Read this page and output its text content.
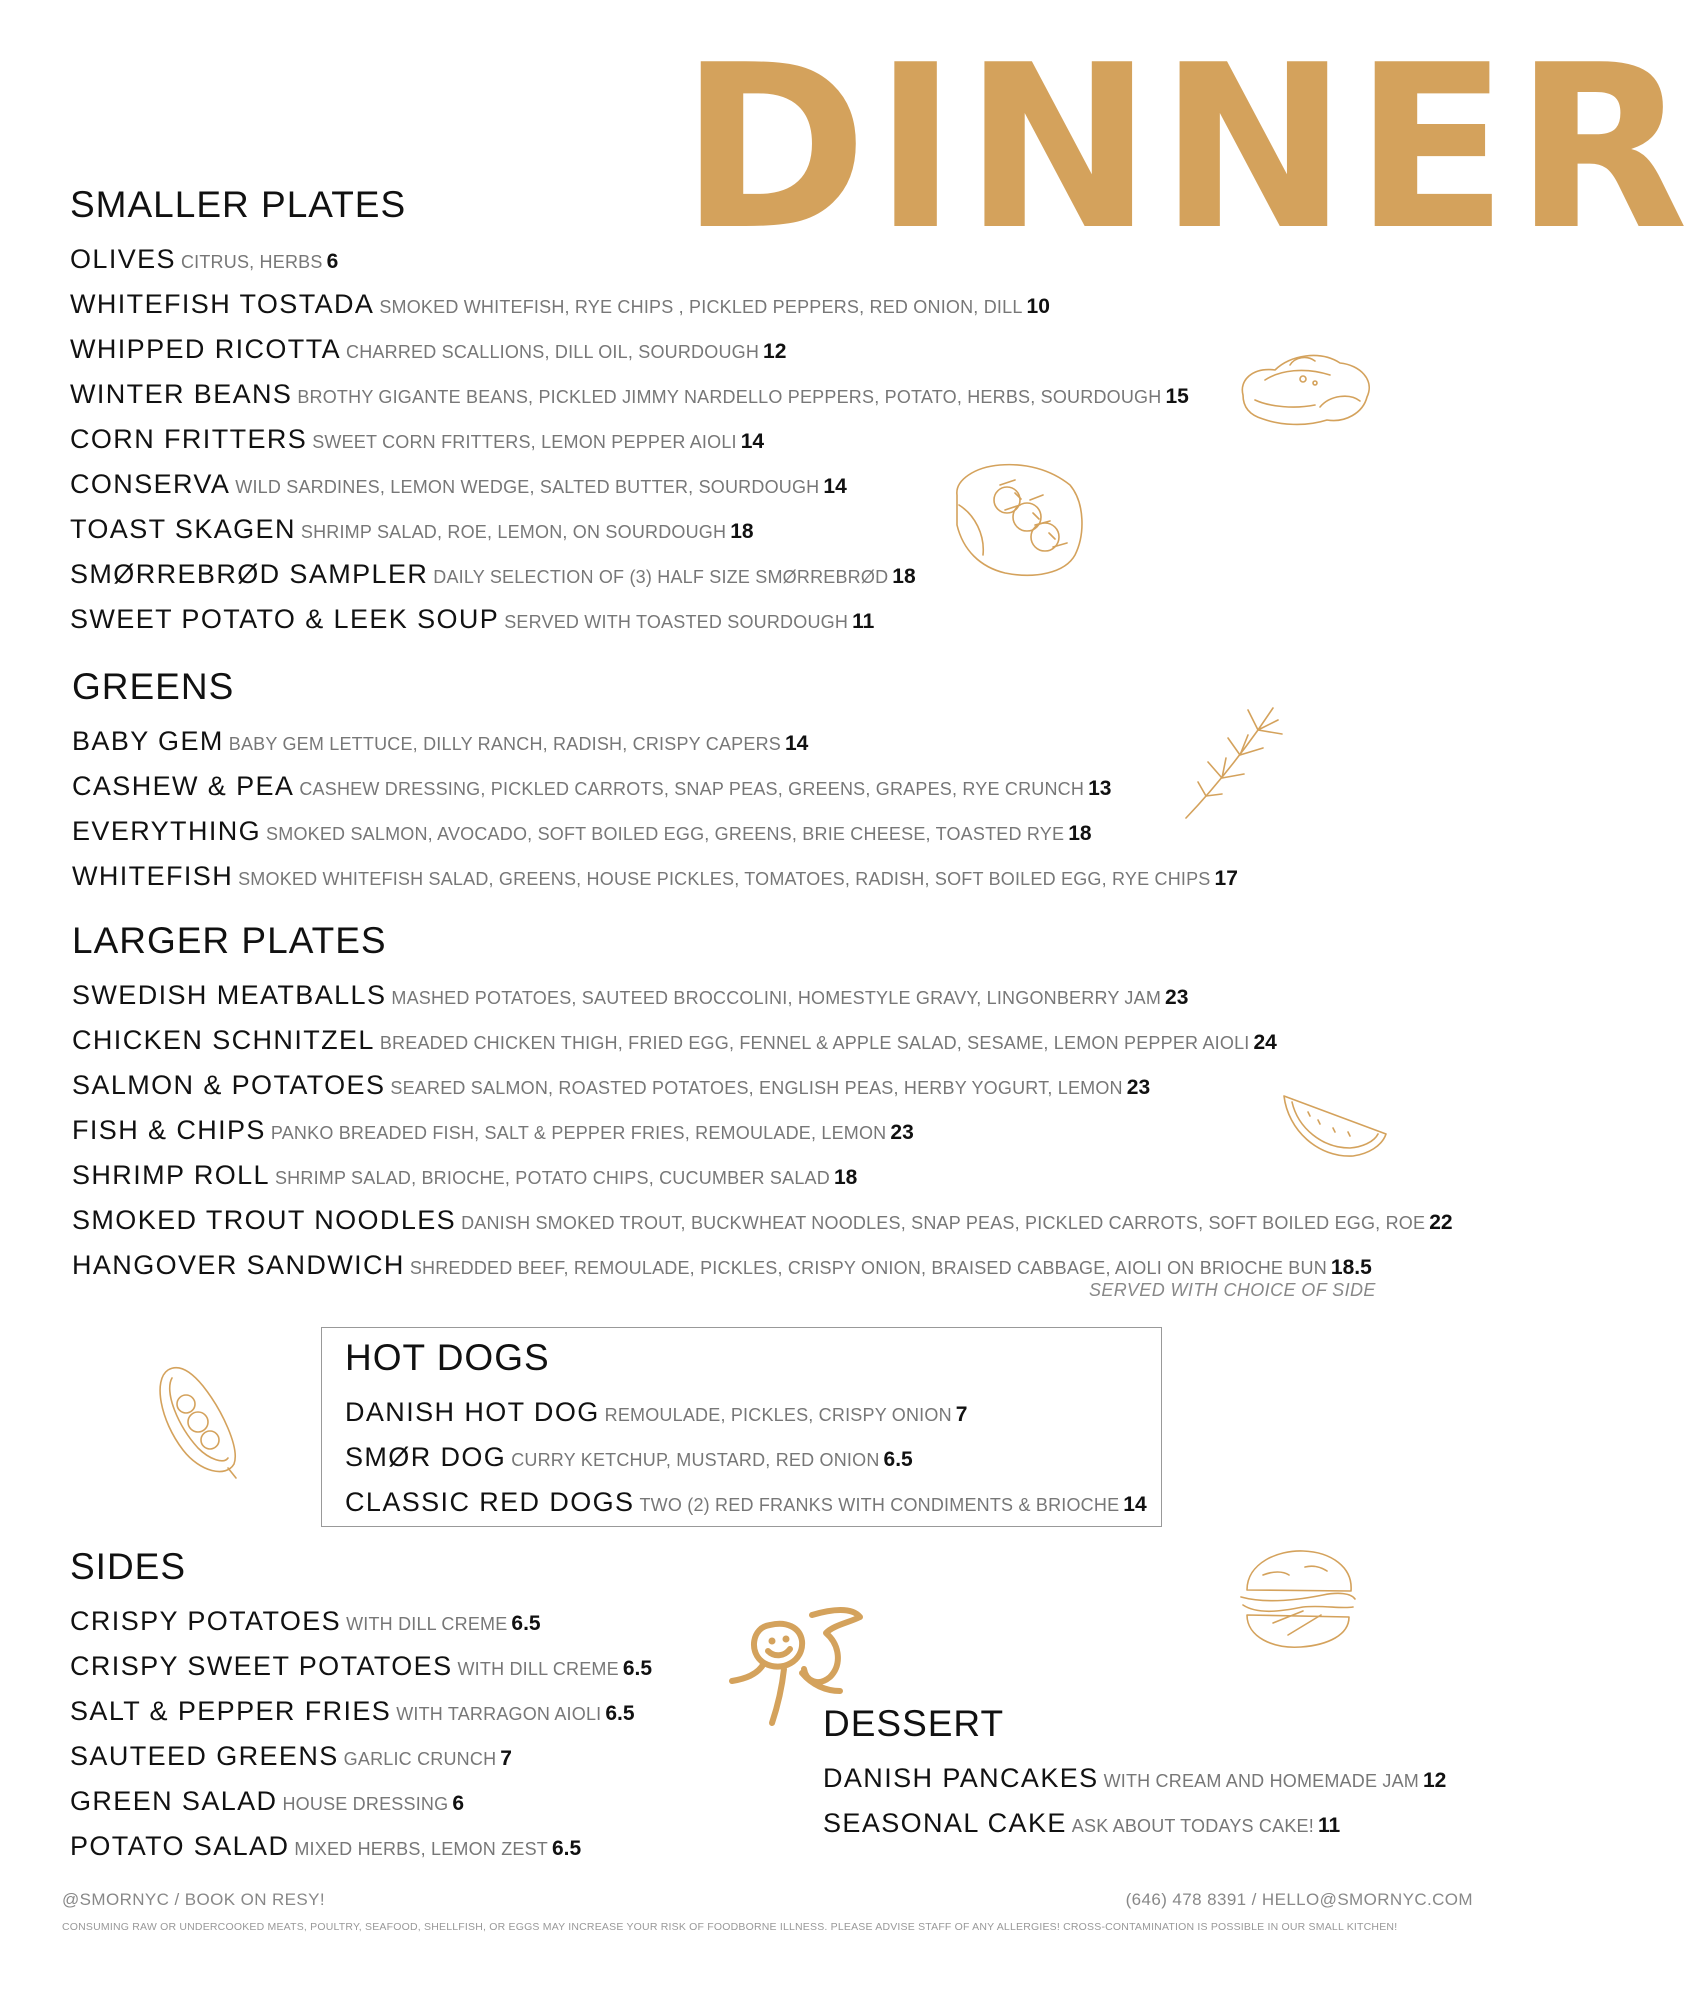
DINNER
SMALLER PLATES
OLIVES CITRUS, HERBS 6
WHITEFISH TOSTADA SMOKED WHITEFISH, RYE CHIPS , PICKLED PEPPERS, RED ONION, DILL 10
WHIPPED RICOTTA CHARRED SCALLIONS, DILL OIL, SOURDOUGH 12
WINTER BEANS BROTHY GIGANTE BEANS, PICKLED JIMMY NARDELLO PEPPERS, POTATO, HERBS, SOURDOUGH 15
CORN FRITTERS SWEET CORN FRITTERS, LEMON PEPPER AIOLI 14
CONSERVA WILD SARDINES, LEMON WEDGE, SALTED BUTTER, SOURDOUGH 14
TOAST SKAGEN SHRIMP SALAD, ROE, LEMON, ON SOURDOUGH 18
SMØRREBRØD SAMPLER DAILY SELECTION OF (3) HALF SIZE SMØRREBRØD 18
SWEET POTATO & LEEK SOUP SERVED WITH TOASTED SOURDOUGH 11
GREENS
BABY GEM BABY GEM LETTUCE, DILLY RANCH, RADISH, CRISPY CAPERS 14
CASHEW & PEA CASHEW DRESSING, PICKLED CARROTS, SNAP PEAS, GREENS, GRAPES, RYE CRUNCH 13
EVERYTHING SMOKED SALMON, AVOCADO, SOFT BOILED EGG, GREENS, BRIE CHEESE, TOASTED RYE 18
WHITEFISH SMOKED WHITEFISH SALAD, GREENS, HOUSE PICKLES, TOMATOES, RADISH, SOFT BOILED EGG, RYE CHIPS 17
LARGER PLATES
SWEDISH MEATBALLS MASHED POTATOES, SAUTEED BROCCOLINI, HOMESTYLE GRAVY, LINGONBERRY JAM 23
CHICKEN SCHNITZEL BREADED CHICKEN THIGH, FRIED EGG, FENNEL & APPLE SALAD, SESAME, LEMON PEPPER AIOLI 24
SALMON & POTATOES SEARED SALMON, ROASTED POTATOES, ENGLISH PEAS, HERBY YOGURT, LEMON 23
FISH & CHIPS PANKO BREADED FISH, SALT & PEPPER FRIES, REMOULADE, LEMON 23
SHRIMP ROLL SHRIMP SALAD, BRIOCHE, POTATO CHIPS, CUCUMBER SALAD 18
SMOKED TROUT NOODLES DANISH SMOKED TROUT, BUCKWHEAT NOODLES, SNAP PEAS, PICKLED CARROTS, SOFT BOILED EGG, ROE 22
HANGOVER SANDWICH SHREDDED BEEF, REMOULADE, PICKLES, CRISPY ONION, BRAISED CABBAGE, AIOLI ON BRIOCHE BUN 18.5
SERVED WITH CHOICE OF SIDE
HOT DOGS
DANISH HOT DOG REMOULADE, PICKLES, CRISPY ONION 7
SMØR DOG CURRY KETCHUP, MUSTARD, RED ONION 6.5
CLASSIC RED DOGS TWO (2) RED FRANKS WITH CONDIMENTS & BRIOCHE 14
SIDES
CRISPY POTATOES WITH DILL CREME 6.5
CRISPY SWEET POTATOES WITH DILL CREME 6.5
SALT & PEPPER FRIES WITH TARRAGON AIOLI 6.5
SAUTEED GREENS GARLIC CRUNCH 7
GREEN SALAD HOUSE DRESSING 6
POTATO SALAD MIXED HERBS, LEMON ZEST 6.5
DESSERT
DANISH PANCAKES WITH CREAM AND HOMEMADE JAM 12
SEASONAL CAKE ASK ABOUT TODAYS CAKE! 11
@SMORNYC / BOOK ON RESY!	(646) 478 8391 / HELLO@SMORNYC.COM
CONSUMING RAW OR UNDERCOOKED MEATS, POULTRY, SEAFOOD, SHELLFISH, OR EGGS MAY INCREASE YOUR RISK OF FOODBORNE ILLNESS. PLEASE ADVISE STAFF OF ANY ALLERGIES! CROSS-CONTAMINATION IS POSSIBLE IN OUR SMALL KITCHEN!
